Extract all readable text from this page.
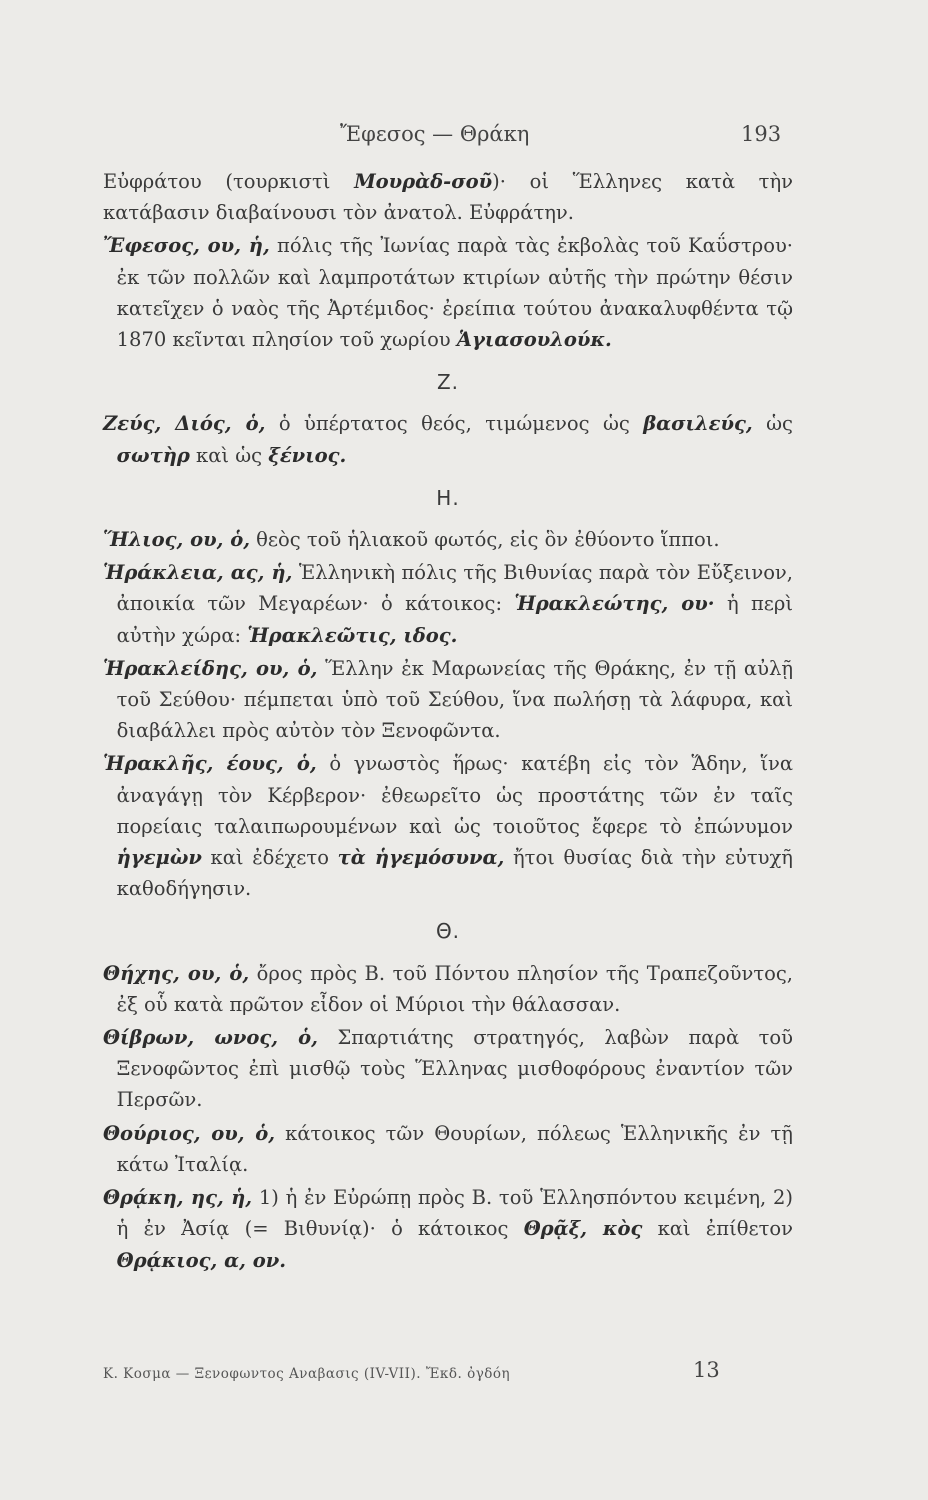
Ἔφεσος — Θράκη	193

Εὐφράτου (τουρκιστὶ Μουρὰδ-σοῦ)· οἱ Ἕλληνες κατὰ τὴν κατάβασιν διαβαίνουσι τὸν ἀνατολ. Εὐφράτην.

Ἔφεσος, ου, ἡ, πόλις τῆς Ἰωνίας παρὰ τὰς ἐκβολὰς τοῦ Καΰστρου· ἐκ τῶν πολλῶν καὶ λαμπροτάτων κτιρίων αὐτῆς τὴν πρώτην θέσιν κατεῖχεν ὁ ναὸς τῆς Ἀρτέμιδος· ἐρείπια τούτου ἀνακαλυφθέντα τῷ 1870 κεῖνται πλησίον τοῦ χωρίου Ἁγιασουλούκ.

Ζ.

Ζεύς, Διός, ὁ, ὁ ὑπέρτατος θεός, τιμώμενος ὡς βασιλεύς, ὡς σωτὴρ καὶ ὡς ξένιος.

Η.

Ἥλιος, ου, ὁ, θεὸς τοῦ ἡλιακοῦ φωτός, εἰς ὃν ἐθύοντο ἵπποι.

Ἡράκλεια, ας, ἡ, Ἑλληνικὴ πόλις τῆς Βιθυνίας παρὰ τὸν Εὔξεινον, ἀποικία τῶν Μεγαρέων· ὁ κάτοικος: Ἡρακλεώτης, ου· ἡ περὶ αὐτὴν χώρα: Ἡρακλεῶτις, ιδος.

Ἡρακλείδης, ου, ὁ, Ἕλλην ἐκ Μαρωνείας τῆς Θράκης, ἐν τῇ αὐλῇ τοῦ Σεύθου· πέμπεται ὑπὸ τοῦ Σεύθου, ἵνα πωλήσῃ τὰ λάφυρα, καὶ διαβάλλει πρὸς αὐτὸν τὸν Ξενοφῶντα.

Ἡρακλῆς, έους, ὁ, ὁ γνωστὸς ἥρως· κατέβη εἰς τὸν Ἅδην, ἵνα ἀναγάγῃ τὸν Κέρβερον· ἐθεωρεῖτο ὡς προστάτης τῶν ἐν ταῖς πορείαις ταλαιπωρουμένων καὶ ὡς τοιοῦτος ἔφερε τὸ ἐπώνυμον ἡγεμὼν καὶ ἐδέχετο τὰ ἡγεμόσυνα, ἤτοι θυσίας διὰ τὴν εὐτυχῆ καθοδήγησιν.

Θ.

Θήχης, ου, ὁ, ὄρος πρὸς Β. τοῦ Πόντου πλησίον τῆς Τραπεζοῦντος, ἐξ οὗ κατὰ πρῶτον εἶδον οἱ Μύριοι τὴν θάλασσαν.

Θίβρων, ωνος, ὁ, Σπαρτιάτης στρατηγός, λαβὼν παρὰ τοῦ Ξενοφῶντος ἐπὶ μισθῷ τοὺς Ἕλληνας μισθοφόρους ἐναντίον τῶν Περσῶν.

Θούριος, ου, ὁ, κάτοικος τῶν Θουρίων, πόλεως Ἑλληνικῆς ἐν τῇ κάτω Ἰταλίᾳ.

Θρᾴκη, ης, ἡ, 1) ἡ ἐν Εὐρώπῃ πρὸς Β. τοῦ Ἑλλησπόντου κειμένη, 2) ἡ ἐν Ἀσίᾳ (= Βιθυνίᾳ)· ὁ κάτοικος Θρᾷξ, κὸς καὶ ἐπίθετον Θρᾴκιος, α, ον.

Κ. Κοσμα — Ξενοφωντος Αναβασις (IV-VII). Ἔκδ. ὀγδόη	13
